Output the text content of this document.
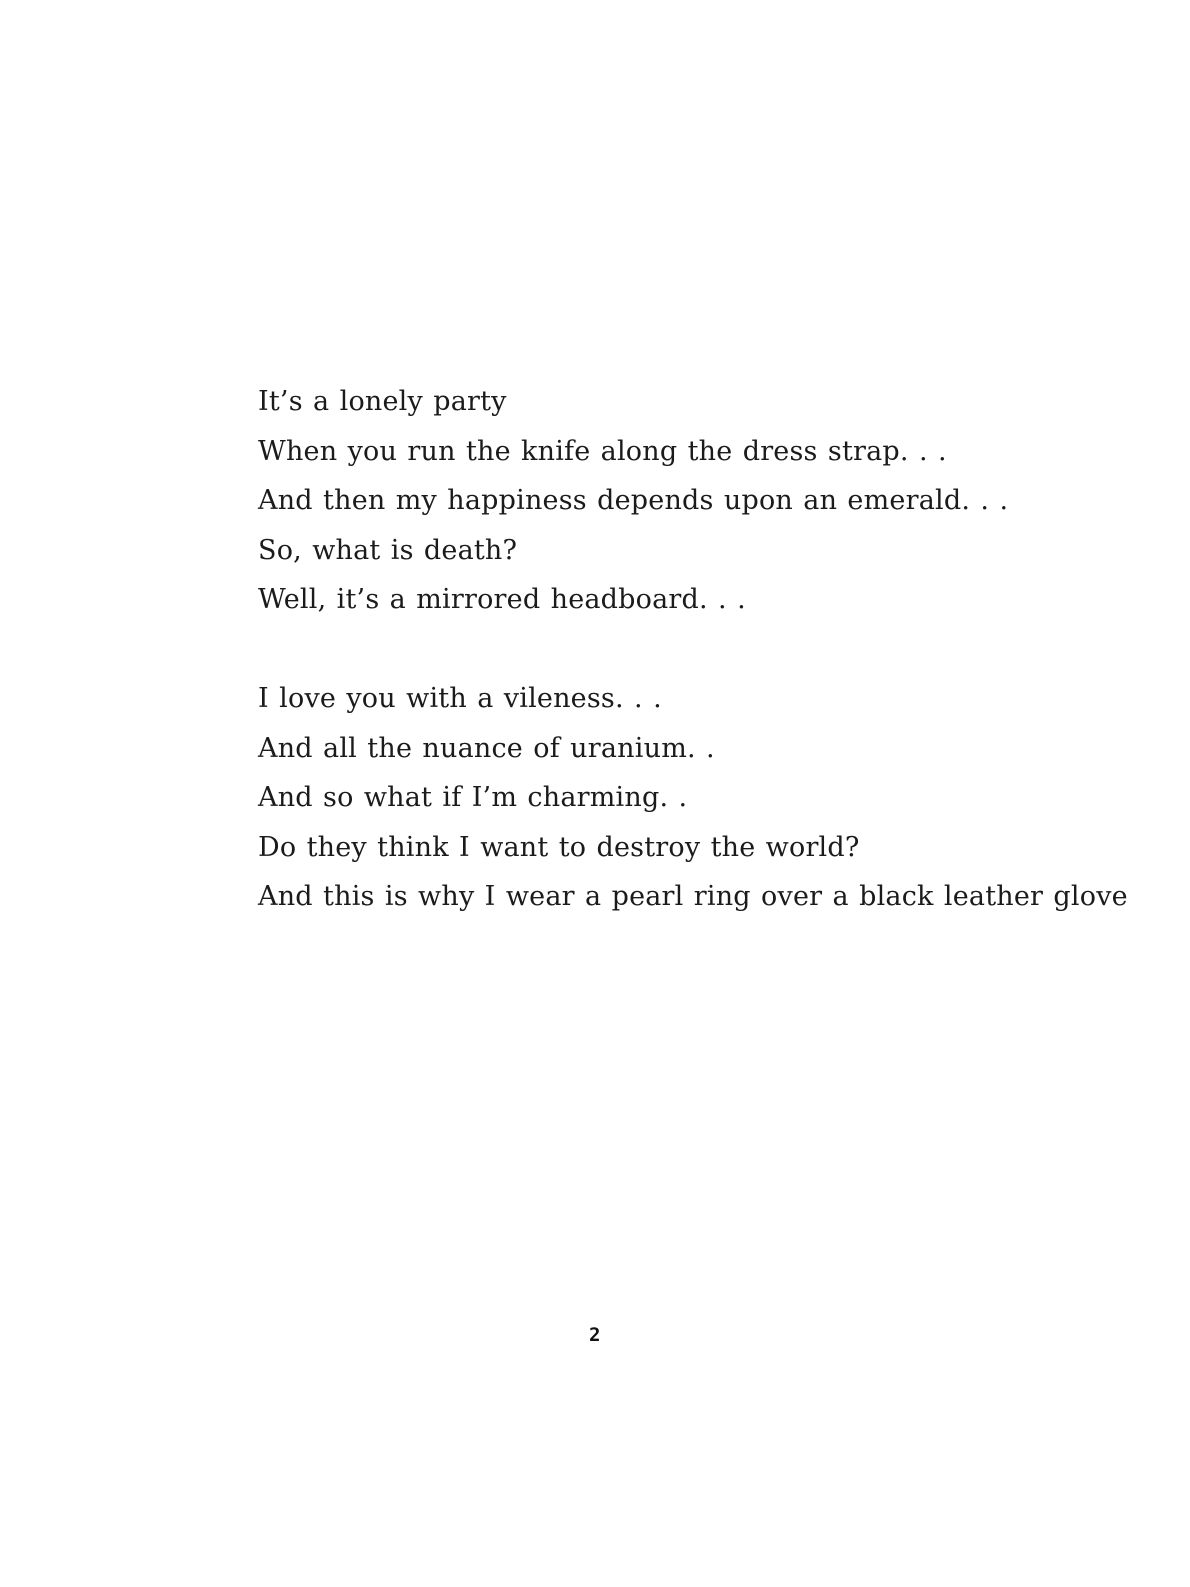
It’s a lonely party
When you run the knife along the dress strap. . .
And then my happiness depends upon an emerald. . .
So, what is death?
Well, it’s a mirrored headboard. . .
I love you with a vileness. . .
And all the nuance of uranium. .
And so what if I’m charming. .
Do they think I want to destroy the world?
And this is why I wear a pearl ring over a black leather glove
2
